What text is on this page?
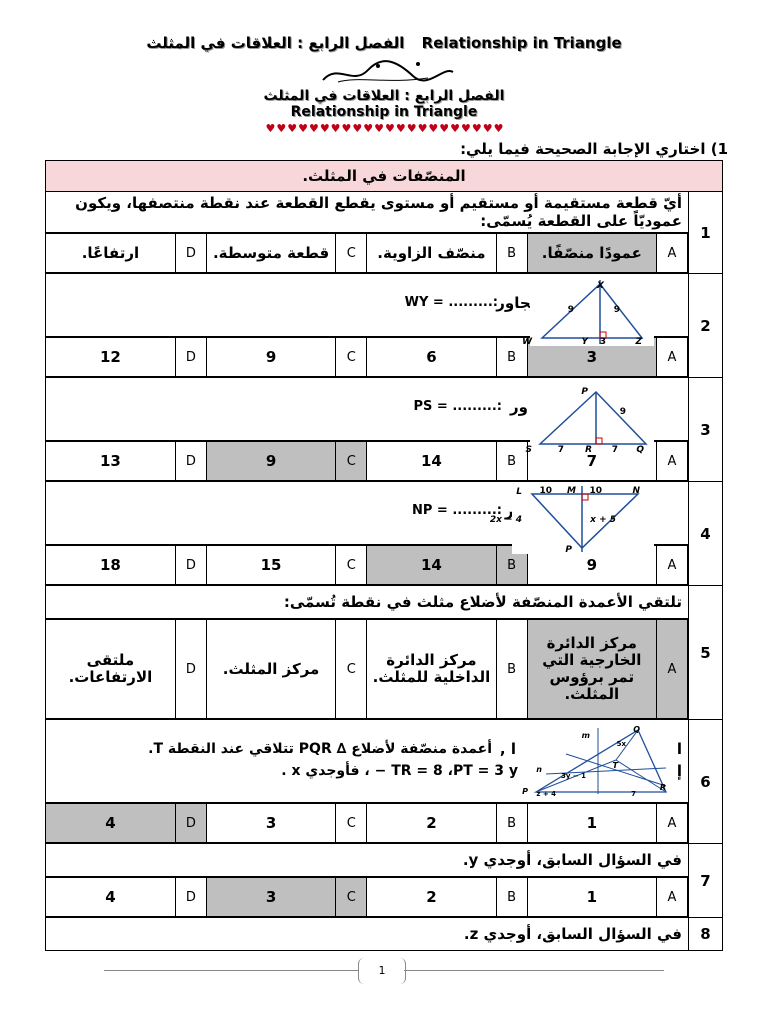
الفصل الرابع : العلاقات في المثلث Relationship in Triangle
الفصل الرابع : العلاقات في المثلث
Relationship in Triangle
♥♥♥♥♥♥♥♥♥♥♥♥♥♥♥♥♥♥♥♥♥♥
1) اختاري الإجابة الصحيحة فيما يلي:
المنصّفات في المثلث.
1	أيّ قطعة مستقيمة أو مستقيم أو مستوى يقطع القطعة عند نقطة منتصفها، ويكون عموديّاً على القطعة يُسمّى:

A	عمودًا منصّفًا.	B	منصّف الزاوية.	C	قطعة متوسطة.	D	ارتفاعًا.

2	
مجاور
WY = .........:
X
9	9
W	Y 3	Z

A	3	B	6	C	9	D	12

3	
ور
PS = .........:
P
9
S	7 R 7 Q

A	7	B	14	C	9	D	13

4	
اور
NP = .........:
L 10 M 10	N
2x − 4	x + 5
P

A	9	B	14	C	15	D	18

5	تلتقي الأعمدة المنصّفة لأضلاع مثلث في نقطة تُسمّى:

A	مركز الدائرة الخارجية التي تمر برؤوس المثلث.	B	مركز الدائرة الداخلية للمثلث.	C	مركز المثلث.	D	ملتقى الارتفاعات.

6	
ا
l ,
أعمدة منصّفة لأضلاع ∆ PQR تتلاقي عند النقطة T.
إ
TR = 8 ،PT = 3 y − ، فأوجدي x .
Q
m
n
P
T
R
5x
3y − 1
z + 4	7

A	1	B	2	C	3	D	4

7	في السؤال السابق، أوجدي y.

A	1	B	2	C	3	D	4

8	في السؤال السابق، أوجدي z.
1
